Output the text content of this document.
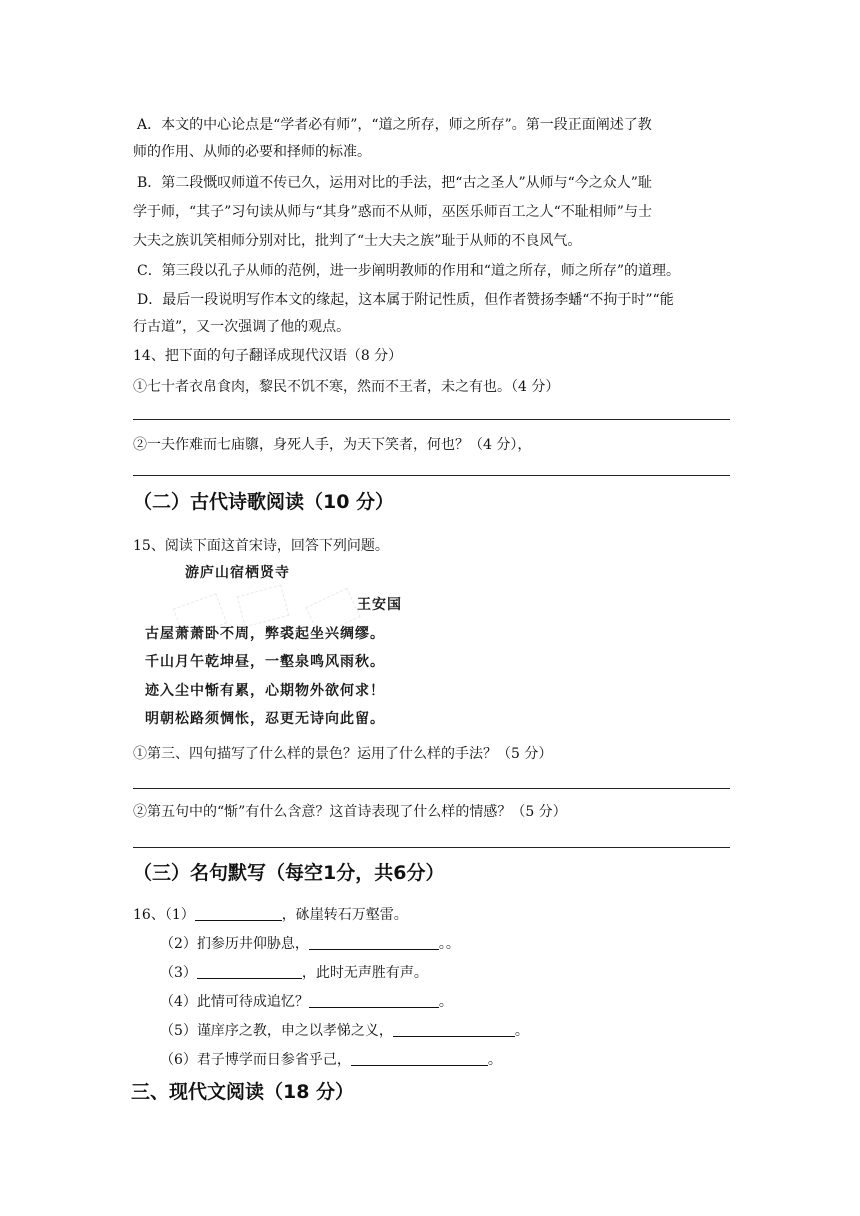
A．本文的中心论点是“学者必有师”，“道之所存，师之所存”。第一段正面阐述了教
师的作用、从师的必要和择师的标准。
B．第二段慨叹师道不传已久，运用对比的手法，把“古之圣人”从师与“今之众人”耻
学于师，“其子”习句读从师与“其身”惑而不从师，巫医乐师百工之人“不耻相师”与士
大夫之族讥笑相师分别对比，批判了“士大夫之族”耻于从师的不良风气。
C．第三段以孔子从师的范例，进一步阐明教师的作用和“道之所存，师之所存”的道理。
D．最后一段说明写作本文的缘起，这本属于附记性质，但作者赞扬李蟠“不拘于时”“能
行古道”，又一次强调了他的观点。
14、把下面的句子翻译成现代汉语（8 分）
①七十者衣帛食肉，黎民不饥不寒，然而不王者，未之有也。（4 分）
②一夫作难而七庙隳，身死人手，为天下笑者，何也？（4 分），
（二）古代诗歌阅读（10 分）
15、阅读下面这首宋诗，回答下列问题。
游庐山宿栖贤寺
王安国
古屋萧萧卧不周，弊裘起坐兴绸缪。
千山月午乾坤昼，一壑泉鸣风雨秋。
迹入尘中惭有累，心期物外欲何求！
明朝松路须惆怅，忍更无诗向此留。
①第三、四句描写了什么样的景色？运用了什么样的手法？（5 分）
②第五句中的“惭”有什么含意？这首诗表现了什么样的情感？（5 分）
（三）名句默写（每空1分，共6分）
16、（1）	，砯崖转石万壑雷。
（2）扪参历井仰胁息，	。。
（3）	，此时无声胜有声。
（4）此情可待成追忆？	。
（5）谨庠序之教，申之以孝悌之义，	。
（6）君子博学而日参省乎己，	。
三、现代文阅读（18 分）
